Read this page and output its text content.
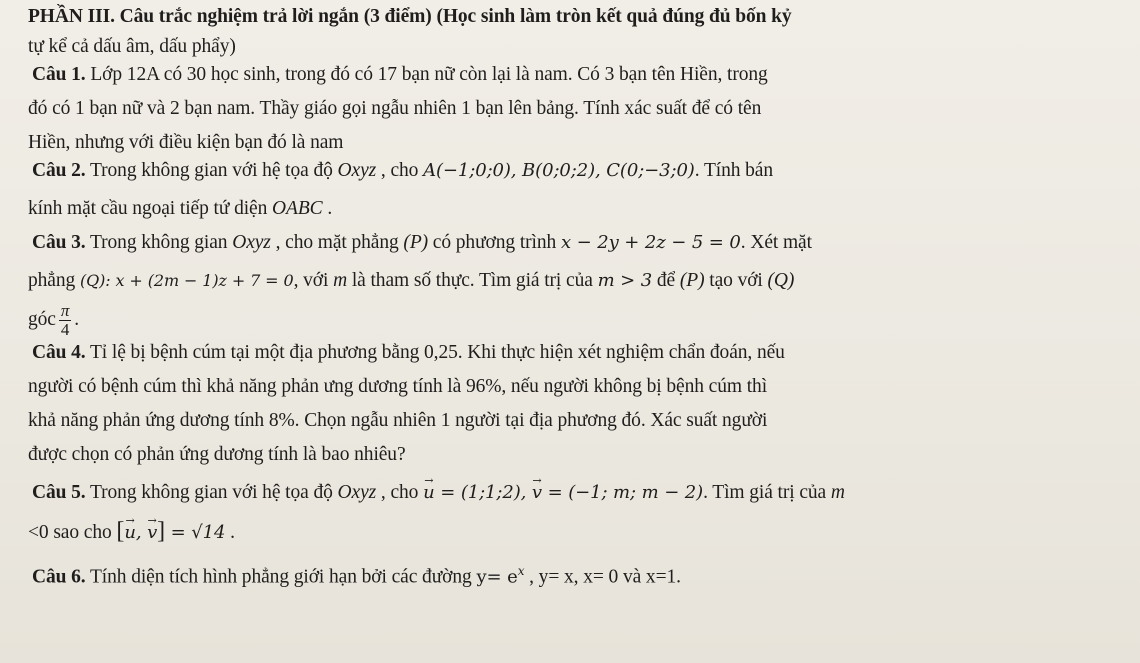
PHẦN III. Câu trắc nghiệm trả lời ngắn (3 điểm) (Học sinh làm tròn kết quả đúng đủ bốn kỷ

tự kể cả dấu âm, dấu phẩy)

Câu 1. Lớp 12A có 30 học sinh, trong đó có 17 bạn nữ còn lại là nam. Có 3 bạn tên Hiền, trong

đó có 1 bạn nữ và 2 bạn nam. Thầy giáo gọi ngẫu nhiên 1 bạn lên bảng. Tính xác suất để có tên

Hiền, nhưng với điều kiện bạn đó là nam

Câu 2. Trong không gian với hệ tọa độ Oxyz , cho A(−1;0;0), B(0;0;2), C(0;−3;0). Tính bán

kính mặt cầu ngoại tiếp tứ diện OABC .

Câu 3. Trong không gian Oxyz , cho mặt phẳng (P) có phương trình x − 2y + 2z − 5 = 0. Xét mặt

phẳng (Q): x + (2m − 1)z + 7 = 0, với m là tham số thực. Tìm giá trị của m > 3 để (P) tạo với (Q)

góc $\frac{\pi}{4}$ .

Câu 4. Tỉ lệ bị bệnh cúm tại một địa phương bằng 0,25. Khi thực hiện xét nghiệm chẩn đoán, nếu

người có bệnh cúm thì khả năng phản ưng dương tính là 96%, nếu người không bị bệnh cúm thì

khả năng phản ứng dương tính 8%. Chọn ngẫu nhiên 1 người tại địa phương đó. Xác suất người

được chọn có phản ứng dương tính là bao nhiêu?

Câu 5. Trong không gian với hệ tọa độ Oxyz , cho → u = (1;1;2), → v = (−1; m; m − 2). Tìm giá trị của m

<0 sao cho [→ u, → v] = √14 .

Câu 6. Tính diện tích hình phẳng giới hạn bởi các đường $y= e^x$ , y= x, x= 0 và x=1.
